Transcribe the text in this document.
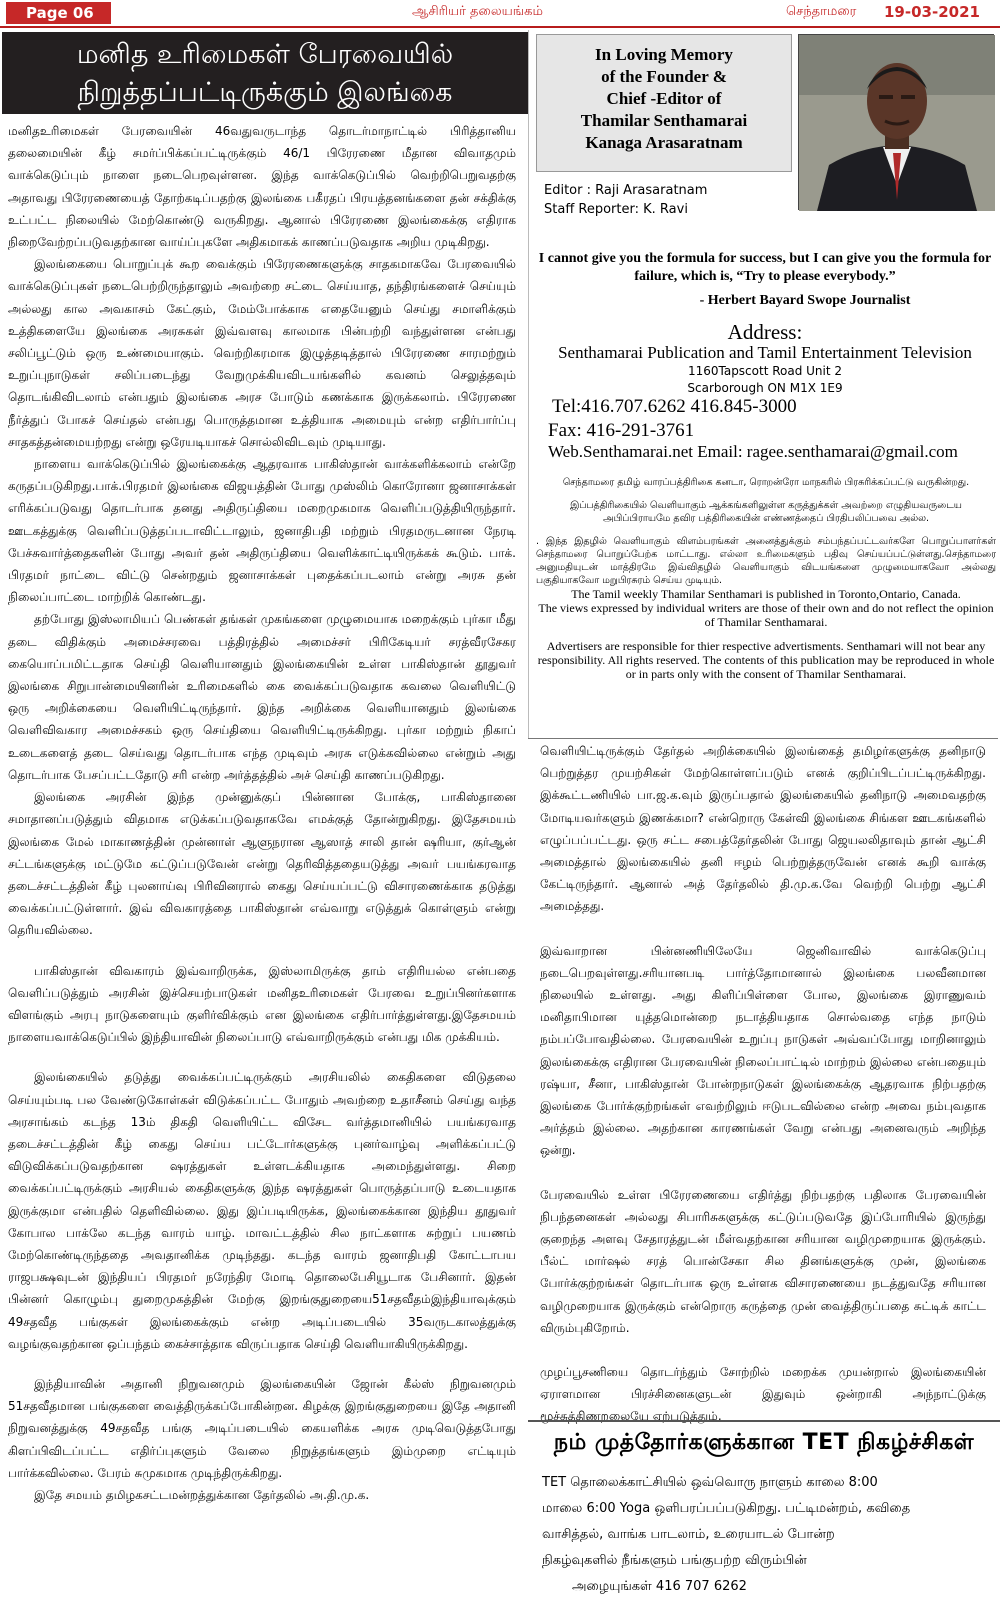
Page 06	ஆசிரியர் தலையங்கம்	செந்தாமரை 19-03-2021
மனித உரிமைகள் பேரவையில்
நிறுத்தப்பட்டிருக்கும் இலங்கை

மனிதஉரிமைகள் பேரவையின் 46வதுவருடாந்த தொடர்மாநாட்டில் பிரித்தானிய தலைமையின் கீழ் சமர்ப்பிக்கப்பட்டிருக்கும் 46/1 பிரேரணை மீதான விவாதமும் வாக்கெடுப்பும் நாளை நடைபெறவுள்ளன. இந்த வாக்கெடுப்பில் வெற்றிபெறுவதற்கு அதாவது பிரேரணையைத் தோற்கடிப்பதற்கு இலங்கை பகீரதப் பிரயத்தனங்களை தன் சக்திக்கு உட்பட்ட நிலையில் மேற்கொண்டு வருகிறது. ஆனால் பிரேரணை இலங்கைக்கு எதிராக நிறைவேற்றப்படுவதற்கான வாய்ப்புகளே அதிகமாகக் காணப்படுவதாக அறிய முடிகிறது.

இலங்கையை பொறுப்புக் கூற வைக்கும் பிரேரணைகளுக்கு சாதகமாகவே பேரவையில் வாக்கெடுப்புகள் நடைபெற்றிருந்தாலும் அவற்றை சட்டை செய்யாத, தந்திரங்களைச் செய்யும் அல்லது கால அவகாசம் கேட்கும், மேம்போக்காக எதையேனும் செய்து சமாளிக்கும் உத்திகளையே இலங்கை அரசுகள் இவ்வளவு காலமாக பின்பற்றி வந்துள்ளன என்பது சலிப்பூட்டும் ஒரு உண்மையாகும். வெற்றிகரமாக இழுத்தடித்தால் பிரேரணை சாரமற்றும் உறுப்புநாடுகள் சலிப்படைந்து வேறுமுக்கியவிடயங்களில் கவனம் செலுத்தவும் தொடங்கிவிடலாம் என்பதும் இலங்கை அரச போடும் கணக்காக இருக்கலாம். பிரேரணை நீர்த்துப் போகச் செய்தல் என்பது பொருத்தமான உத்தியாக அமையும் என்ற எதிர்பார்ப்பு சாதகத்தன்மையற்றது என்று ஒரேயடியாகச் சொல்லிவிடவும் முடியாது.

நாளைய வாக்கெடுப்பில் இலங்கைக்கு ஆதரவாக பாகிஸ்தான் வாக்களிக்கலாம் என்றே கருதப்படுகிறது.பாக்.பிரதமர் இலங்கை விஜயத்தின் போது முஸ்லிம் கொரோனா ஜனாசாக்கள் எரிக்கப்படுவது தொடர்பாக தனது அதிருப்தியை மறைமுகமாக வெளிப்படுத்தியிருந்தார். ஊடகத்துக்கு வெளிப்படுத்தப்படாவிட்டாலும், ஜனாதிபதி மற்றும் பிரதமருடனான நேரடி பேச்சுவார்த்தைகளின் போது அவர் தன் அதிருப்தியை வெளிக்காட்டியிருக்கக் கூடும். பாக். பிரதமர் நாட்டை விட்டு சென்றதும் ஜனாசாக்கள் புதைக்கப்படலாம் என்று அரசு தன் நிலைப்பாட்டை மாற்றிக் கொண்டது.

தற்போது இஸ்லாமியப் பெண்கள் தங்கள் முகங்களை முழுமையாக மறைக்கும் புர்கா மீது தடை விதிக்கும் அமைச்சரவை பத்திரத்தில் அமைச்சர் பிரிகேடியர் சரத்வீரசேகர கையொப்பமிட்டதாக செய்தி வெளியானதும் இலங்கையின் உள்ள பாகிஸ்தான் தூதுவர் இலங்கை சிறுபான்மையினரின் உரிமைகளில் கை வைக்கப்படுவதாக கவலை வெளியிட்டு ஒரு அறிக்கையை வெளியிட்டிருந்தார். இந்த அறிக்கை வெளியானதும் இலங்கை வெளிவிவகார அமைச்சகம் ஒரு செய்தியை வெளியிட்டிருக்கிறது. புர்கா மற்றும் நிகாப் உடைகளைத் தடை செய்வது தொடர்பாக எந்த முடிவும் அரசு எடுக்கவில்லை என்றும் அது தொடர்பாக பேசப்பட்டதோடு சரி என்ற அர்த்தத்தில் அச் செய்தி காணப்படுகிறது.

இலங்கை அரசின் இந்த முன்னுக்குப் பின்னான போக்கு, பாகிஸ்தானை சமாதானப்படுத்தும் விதமாக எடுக்கப்படுவதாகவே எமக்குத் தோன்றுகிறது. இதேசமயம் இலங்கை மேல் மாகாணத்தின் முன்னாள் ஆளுநரான ஆஸாத் சாலி தான் ஷரியா, குர்ஆன் சட்டங்களுக்கு மட்டுமே கட்டுப்படுவேன் என்று தெரிவித்ததையடுத்து அவர் பயங்கரவாத தடைச்சட்டத்தின் கீழ் புலனாய்வு பிரிவினரால் கைது செய்யப்பட்டு விசாரணைக்காக தடுத்து வைக்கப்பட்டுள்ளார். இவ் விவகாரத்தை பாகிஸ்தான் எவ்வாறு எடுத்துக் கொள்ளும் என்று தெரியவில்லை.

பாகிஸ்தான் விவகாரம் இவ்வாறிருக்க, இஸ்லாமிருக்கு தாம் எதிரியல்ல என்பதை வெளிப்படுத்தும் அரசின் இச்செயற்பாடுகள் மனிதஉரிமைகள் பேரவை உறுப்பினர்களாக விளங்கும் அரபு நாடுகளையும் குளிர்விக்கும் என இலங்கை எதிர்பார்த்துள்ளது.இதேசமயம் நாளையவாக்கெடுப்பில் இந்தியாவின் நிலைப்பாடு எவ்வாறிருக்கும் என்பது மிக முக்கியம்.

இலங்கையில் தடுத்து வைக்கப்பட்டிருக்கும் அரசியலில் கைதிகளை விடுதலை செய்யும்படி பல வேண்டுகோள்கள் விடுக்கப்பட்ட போதும் அவற்றை உதாசீனம் செய்து வந்த அரசாங்கம் கடந்த 13ம் திகதி வெளியிட்ட விசேட வர்த்தமானியில் பயங்கரவாத தடைச்சட்டத்தின் கீழ் கைது செய்ய பட்டோர்களுக்கு புனர்வாழ்வு அளிக்கப்பட்டு விடுவிக்கப்படுவதற்கான ஷரத்துகள் உள்ளடக்கியதாக அமைந்துள்ளது. சிறை வைக்கப்பட்டிருக்கும் அரசியல் கைதிகளுக்கு இந்த ஷரத்துகள் பொருத்தப்பாடு உடையதாக இருக்குமா என்பதில் தெளிவில்லை. இது இப்படியிருக்க, இலங்கைக்கான இந்திய தூதுவர் கோபால பாக்லே கடந்த வாரம் யாழ். மாவட்டத்தில் சில நாட்களாக சுற்றுப் பயணம் மேற்கொண்டிருந்ததை அவதானிக்க முடிந்தது. கடந்த வாரம் ஜனாதிபதி கோட்டாபய ராஜபக்ஷவுடன் இந்தியப் பிரதமர் நரேந்திர மோடி தொலைபேசியூடாக பேசினார். இதன் பின்னர் கொழும்பு துறைமுகத்தின் மேற்கு இறங்குதுறையை51சதவீதம்இந்தியாவுக்கும் 49சதவீத பங்குகள் இலங்கைக்கும் என்ற அடிப்படையில் 35வருடகாலத்துக்கு வழங்குவதற்கான ஒப்பந்தம் கைச்சாத்தாக விருப்பதாக செய்தி வெளியாகியிருக்கிறது.

இந்தியாவின் அதானி நிறுவனமும் இலங்கையின் ஜோன் கீல்ஸ் நிறுவனமும் 51சதவீதமான பங்குகளை வைத்திருக்கப்போகின்றன. கிழக்கு இறங்குதுறையை இதே அதானி நிறுவனத்துக்கு 49சதவீத பங்கு அடிப்படையில் கையளிக்க அரசு முடிவெடுத்தபோது கிளப்பிவிடப்பட்ட எதிர்ப்புகளும் வேலை நிறுத்தங்களும் இம்முறை எட்டியும் பார்க்கவில்லை. பேரம் சுமுகமாக முடிந்திருக்கிறது.

இதே சமயம் தமிழகசட்டமன்றத்துக்கான தேர்தலில் அ.தி.மு.க.

In Loving Memory
of the Founder &
Chief -Editor of
Thamilar Senthamarai
Kanaga Arasaratnam
Editor : Raji Arasaratnam
Staff Reporter: K. Ravi
I cannot give you the formula for success, but I can give you the formula for failure, which is, “Try to please everybody.”
- Herbert Bayard Swope Journalist
Address:
Senthamarai Publication and Tamil Entertainment Television
1160Tapscott Road Unit 2
Scarborough ON M1X 1E9
Tel:416.707.6262 416.845-3000
Fax: 416-291-3761
Web.Senthamarai.net Email: ragee.senthamarai@gmail.com

செந்தாமரை தமிழ் வாரப்பத்திரிகை கனடா, ரொறன்ரோ மாநகரில் பிரசுரிக்கப்பட்டு வருகின்றது.

இப்பத்திரிகையில் வெளியாகும் ஆக்கங்களிலுள்ள கருத்துக்கள் அவற்றை எழுதியவருடைய அபிப்பிராயமே தவிர பத்திரிகையின் எண்ணத்தைப் பிரதிபலிப்பவை அல்ல.

. இந்த இதழில் வெளியாகும் விளம்பரங்கள் அனைத்துக்கும் சம்பந்தப்பட்டவர்களே பொறுப்பாளர்கள் செந்தாமரை பொறுப்பேற்க மாட்டாது. எல்லா உரிமைகளும் பதிவு செய்யப்பட்டுள்ளது.செந்தாமரை அனுமதியுடன் மாத்திரமே இவ்விதழில் வெளியாகும் விடயங்களை முழுமையாகவோ அல்லது பகுதியாகவோ மறுபிரசுரம் செய்ய முடியும்.

The Tamil weekly Thamilar Senthamari is published in Toronto,Ontario, Canada.

The views expressed by individual writers are those of their own and do not reflect the opinion of Thamilar Senthamarai.

Advertisers are responsible for thier respective advertisments. Senthamari will not bear any responsibility. All rights reserved. The contents of this publication may be reproduced in whole or in parts only with the consent of Thamilar Senthamarai.

வெளியிட்டிருக்கும் தேர்தல் அறிக்கையில் இலங்கைத் தமிழர்களுக்கு தனிநாடு பெற்றுத்தர முயற்சிகள் மேற்கொள்ளப்படும் எனக் குறிப்பிடப்பட்டிருக்கிறது. இக்கூட்டணியில் பா.ஜ.க.வும் இருப்பதால் இலங்கையில் தனிநாடு அமைவதற்கு மோடியவர்களும் இணக்கமா? என்றொரு கேள்வி இலங்கை சிங்கள ஊடகங்களில் எழுப்பப்பட்டது. ஒரு சட்ட சபைத்தேர்தலின் போது ஜெயலலிதாவும் தான் ஆட்சி அமைத்தால் இலங்கையில் தனி ஈழம் பெற்றுத்தருவேன் எனக் கூறி வாக்கு கேட்டிருந்தார். ஆனால் அத் தேர்தலில் தி.மு.க.வே வெற்றி பெற்று ஆட்சி அமைத்தது.

இவ்வாறான பின்னணியிலேயே ஜெனிவாவில் வாக்கெடுப்பு நடைபெறவுள்ளது.சரியானபடி பார்த்தோமானால் இலங்கை பலவீனமான நிலையில் உள்ளது. அது கிளிப்பிள்ளை போல, இலங்கை இராணுவம் மனிதாபிமான யுத்தமொன்றை நடாத்தியதாக சொல்வதை எந்த நாடும் நம்பப்போவதில்லை. பேரவையின் உறுப்பு நாடுகள் அவ்வப்போது மாறினாலும் இலங்கைக்கு எதிரான பேரவையின் நிலைப்பாட்டில் மாற்றம் இல்லை என்பதையும் ரஷ்யா, சீனா, பாகிஸ்தான் போன்றநாடுகள் இலங்கைக்கு ஆதரவாக நிற்பதற்கு இலங்கை போர்க்குற்றங்கள் எவற்றிலும் ஈடுபடவில்லை என்ற அவை நம்புவதாக அர்த்தம் இல்லை. அதற்கான காரணங்கள் வேறு என்பது அனைவரும் அறிந்த ஒன்று.

பேரவையில் உள்ள பிரேரணையை எதிர்த்து நிற்பதற்கு பதிலாக பேரவையின் நிபந்தனைகள் அல்லது சிபாரிசுகளுக்கு கட்டுப்படுவதே இப்போரியில் இருந்து குறைந்த அளவு சேதாரத்துடன் மீள்வதற்கான சரியான வழிமுறையாக இருக்கும். பீல்ட் மார்ஷல் சரத் பொன்சேகா சில தினங்களுக்கு முன், இலங்கை போர்க்குற்றங்கள் தொடர்பாக ஒரு உள்ளக விசாரணையை நடத்துவதே சரியான வழிமுறையாக இருக்கும் என்றொரு கருத்தை முன் வைத்திருப்பதை சுட்டிக் காட்ட விரும்புகிறோம்.

முழப்பூசணியை தொடர்ந்தும் சோற்றில் மறைக்க முயன்றால் இலங்கையின் ஏராளமான பிரச்சினைகளுடன் இதுவும் ஒன்றாகி அந்நாட்டுக்கு மூச்சுத்திணறலையே ஏற்படுத்தும்.

நம் முத்தோர்களுக்கான TET நிகழ்ச்சிகள்
TET தொலைக்காட்சியில் ஒவ்வொரு நாளும் காலை 8:00
மாலை 6:00 Yoga ஒளிபரப்பப்படுகிறது. பட்டிமன்றம், கவிதை
வாசித்தல், வாங்க பாடலாம், உரையாடல் போன்ற
நிகழ்வுகளில் நீங்களும் பங்குபற்ற விரும்பின்
அழையுங்கள் 416 707 6262
